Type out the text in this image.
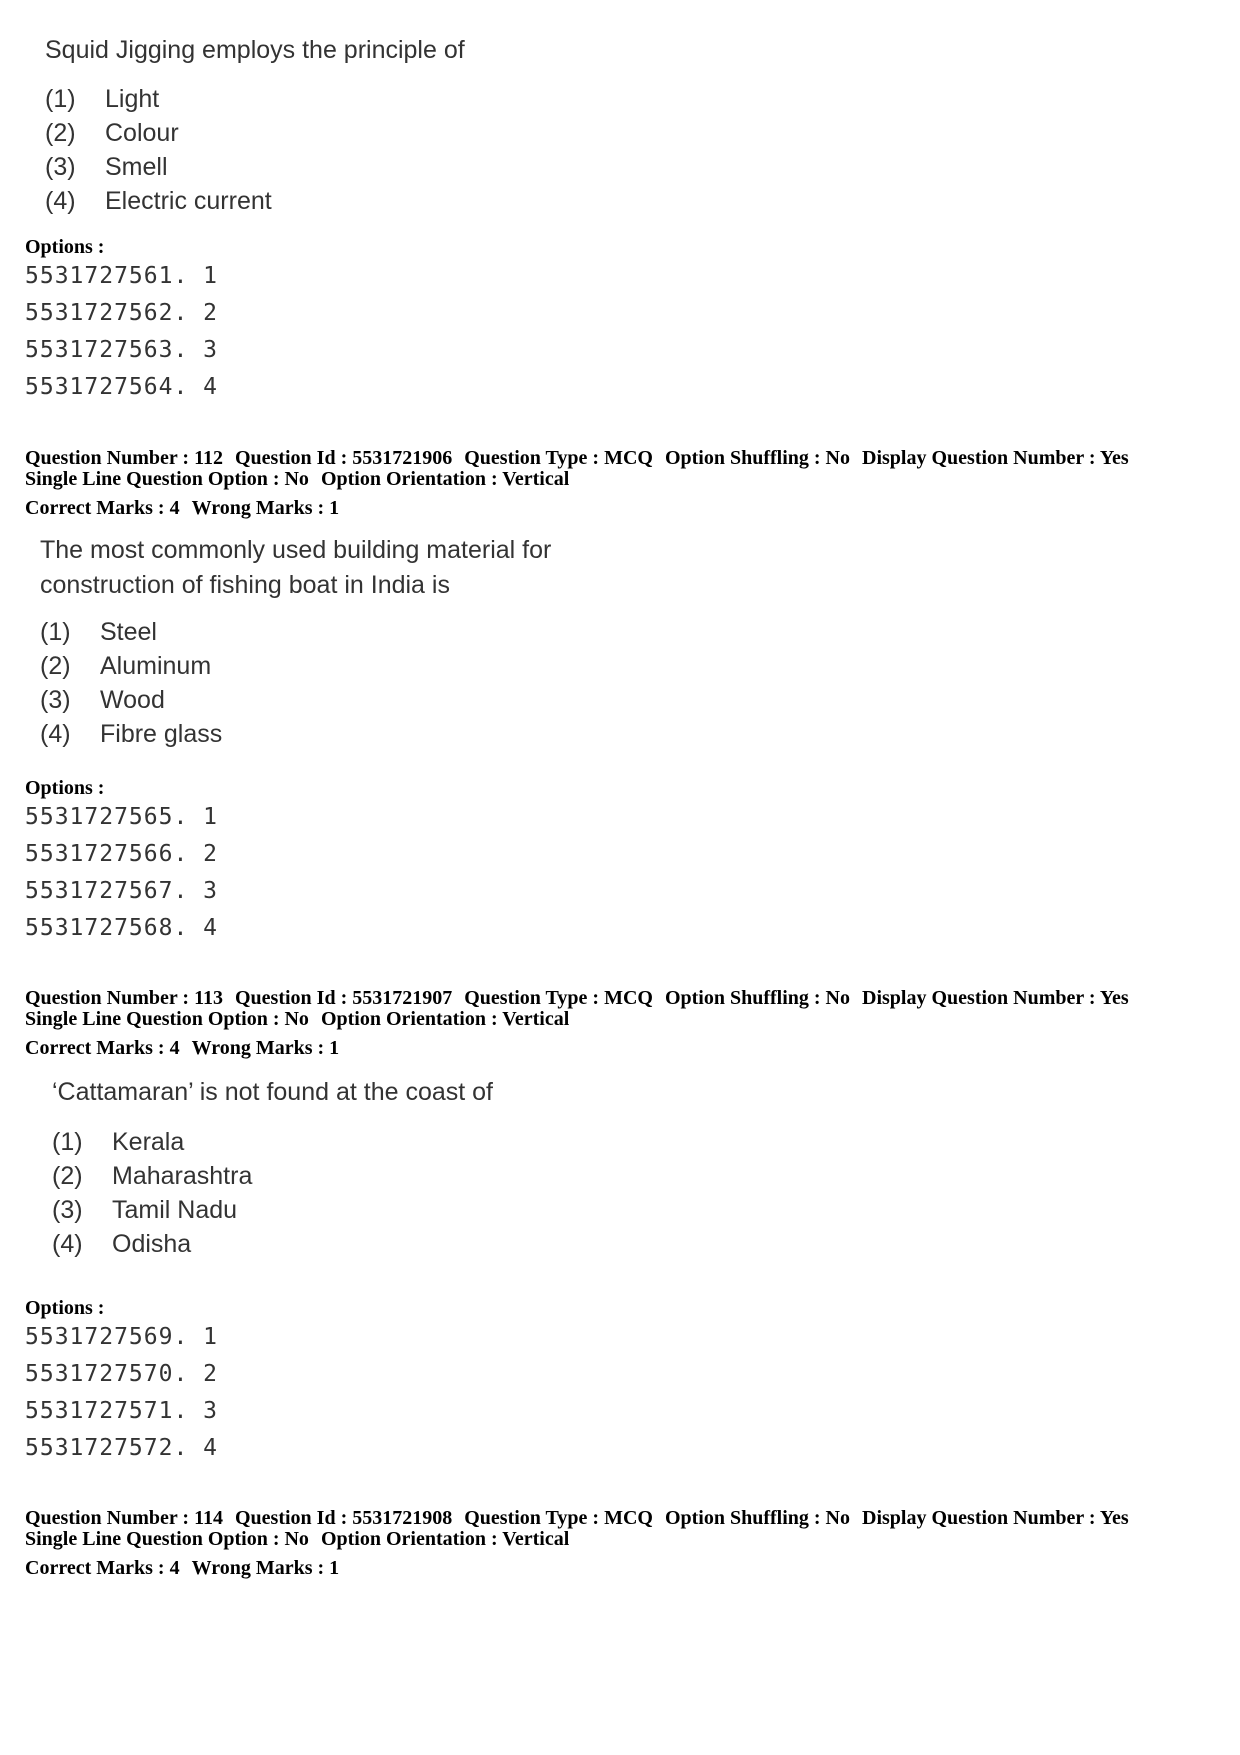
Squid Jigging employs the principle of
(1) Light
(2) Colour
(3) Smell
(4) Electric current
Options :
5531727561. 1
5531727562. 2
5531727563. 3
5531727564. 4
Question Number : 112 Question Id : 5531721906 Question Type : MCQ Option Shuffling : No Display Question Number : Yes
Single Line Question Option : No Option Orientation : Vertical
Correct Marks : 4 Wrong Marks : 1
The most commonly used building material for
construction of fishing boat in India is
(1) Steel
(2) Aluminum
(3) Wood
(4) Fibre glass
Options :
5531727565. 1
5531727566. 2
5531727567. 3
5531727568. 4
Question Number : 113 Question Id : 5531721907 Question Type : MCQ Option Shuffling : No Display Question Number : Yes
Single Line Question Option : No Option Orientation : Vertical
Correct Marks : 4 Wrong Marks : 1
‘Cattamaran’ is not found at the coast of
(1) Kerala
(2) Maharashtra
(3) Tamil Nadu
(4) Odisha
Options :
5531727569. 1
5531727570. 2
5531727571. 3
5531727572. 4
Question Number : 114 Question Id : 5531721908 Question Type : MCQ Option Shuffling : No Display Question Number : Yes
Single Line Question Option : No Option Orientation : Vertical
Correct Marks : 4 Wrong Marks : 1
